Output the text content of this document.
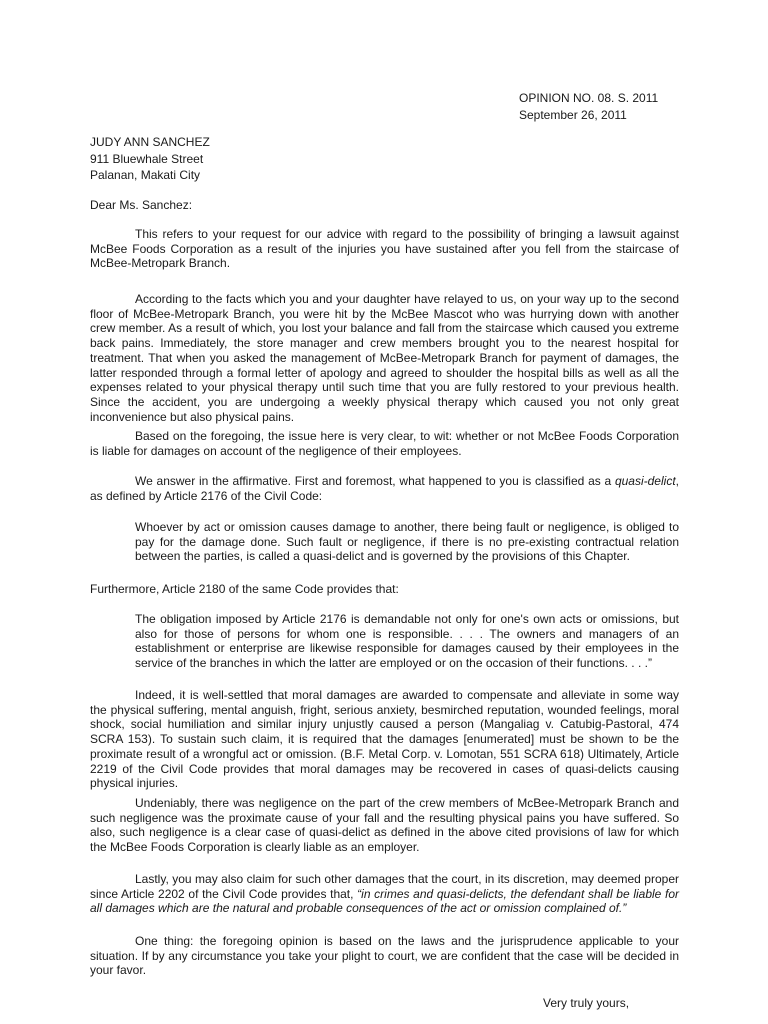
OPINION NO. 08. S. 2011
September 26, 2011
JUDY ANN SANCHEZ
911 Bluewhale Street
Palanan, Makati City
Dear Ms. Sanchez:
This refers to your request for our advice with regard to the possibility of bringing a lawsuit against McBee Foods Corporation as a result of the injuries you have sustained after you fell from the staircase of McBee-Metropark Branch.
According to the facts which you and your daughter have relayed to us, on your way up to the second floor of McBee-Metropark Branch, you were hit by the McBee Mascot who was hurrying down with another crew member. As a result of which, you lost your balance and fall from the staircase which caused you extreme back pains. Immediately, the store manager and crew members brought you to the nearest hospital for treatment. That when you asked the management of McBee-Metropark Branch for payment of damages, the latter responded through a formal letter of apology and agreed to shoulder the hospital bills as well as all the expenses related to your physical therapy until such time that you are fully restored to your previous health. Since the accident, you are undergoing a weekly physical therapy which caused you not only great inconvenience but also physical pains.
Based on the foregoing, the issue here is very clear, to wit: whether or not McBee Foods Corporation is liable for damages on account of the negligence of their employees.
We answer in the affirmative. First and foremost, what happened to you is classified as a quasi-delict, as defined by Article 2176 of the Civil Code:
Whoever by act or omission causes damage to another, there being fault or negligence, is obliged to pay for the damage done. Such fault or negligence, if there is no pre-existing contractual relation between the parties, is called a quasi-delict and is governed by the provisions of this Chapter.
Furthermore, Article 2180 of the same Code provides that:
The obligation imposed by Article 2176 is demandable not only for one's own acts or omissions, but also for those of persons for whom one is responsible. . . . The owners and managers of an establishment or enterprise are likewise responsible for damages caused by their employees in the service of the branches in which the latter are employed or on the occasion of their functions. . . .”
Indeed, it is well-settled that moral damages are awarded to compensate and alleviate in some way the physical suffering, mental anguish, fright, serious anxiety, besmirched reputation, wounded feelings, moral shock, social humiliation and similar injury unjustly caused a person (Mangaliag v. Catubig-Pastoral, 474 SCRA 153). To sustain such claim, it is required that the damages [enumerated] must be shown to be the proximate result of a wrongful act or omission. (B.F. Metal Corp. v. Lomotan, 551 SCRA 618) Ultimately, Article 2219 of the Civil Code provides that moral damages may be recovered in cases of quasi-delicts causing physical injuries.
Undeniably, there was negligence on the part of the crew members of McBee-Metropark Branch and such negligence was the proximate cause of your fall and the resulting physical pains you have suffered. So also, such negligence is a clear case of quasi-delict as defined in the above cited provisions of law for which the McBee Foods Corporation is clearly liable as an employer.
Lastly, you may also claim for such other damages that the court, in its discretion, may deemed proper since Article 2202 of the Civil Code provides that, “in crimes and quasi-delicts, the defendant shall be liable for all damages which are the natural and probable consequences of the act or omission complained of.”
One thing: the foregoing opinion is based on the laws and the jurisprudence applicable to your situation. If by any circumstance you take your plight to court, we are confident that the case will be decided in your favor.
Very truly yours,
